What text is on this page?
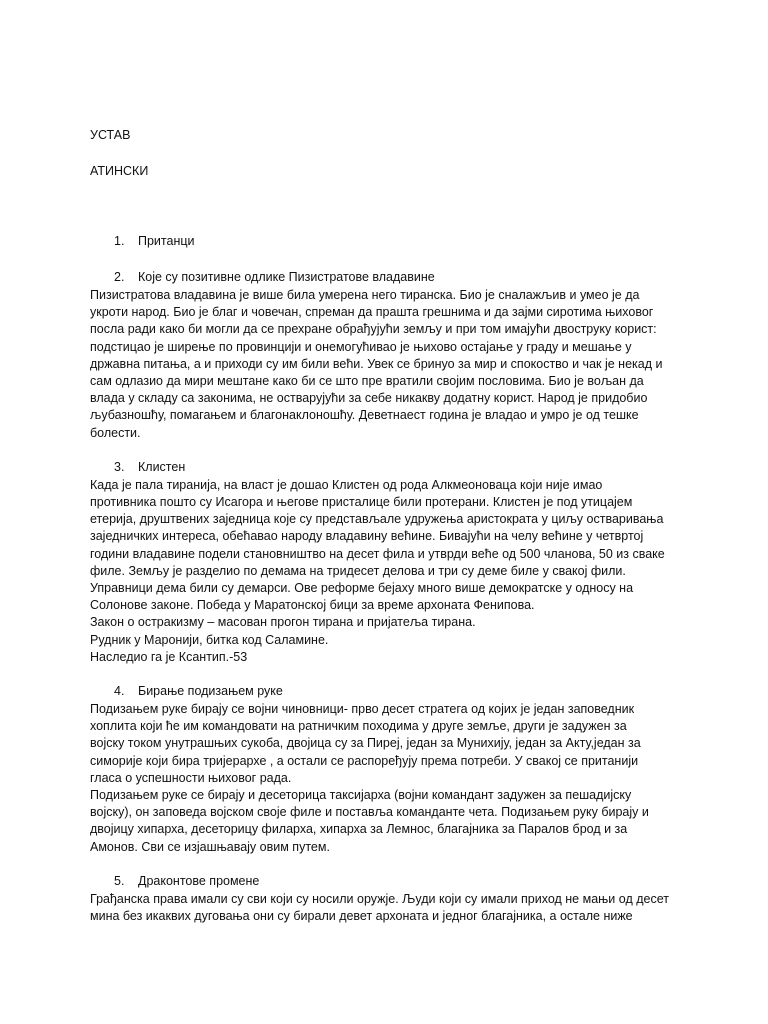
УСТАВ

АТИНСКИ

1.	Пританци
2.	Које су позитивне одлике Пизистратове владавине

Пизистратова владавина је више била умерена него тиранска. Био је сналажљив и умео је да
укроти народ. Био је благ и човечан, спреман да прашта грешнима и да зајми сиротима њиховог
посла ради како би могли да се прехране обрађујући земљу и при том имајући двоструку корист:
подстицао је ширење по провинцији и онемогућивао је њихово остајање у граду и мешање у
државна питања, а и приходи су им били већи. Увек се бринуо за мир и спокоство и чак је некад и
сам одлазио да мири мештане како би се што пре вратили својим пословима. Био је вољан да
влада у складу са законима, не остварујући за себе никакву додатну корист. Народ је придобио
љубазношћу, помагањем и благонаклоношћу. Деветнаест година је владао и умро је од тешке
болести.

3.	Клистен

Када је пала тиранија, на власт је дошао Клистен од рода Алкмеоноваца који није имао
противника пошто су Исагора и његове присталице били протерани. Клистен је под утицајем
етерија, друштвених заједница које су представљале удружења аристократа у циљу остваривања
заједничких интереса, обећавао народу владавину већине. Бивајући на челу већине у четвртој
години владавине подели становништво на десет фила и утврди веће од 500 чланова, 50 из сваке
филе. Земљу је разделио по демама на тридесет делова и три су деме биле у свакој фили.
Управници дема били су демарси. Ове реформе бејаху много више демократске у односу на
Солонове законе. Победа у Маратонској бици за време архоната Фенипова.
Закон о остракизму – масован прогон тирана и пријатеља тирана.
Рудник у Маронији, битка код Саламине.
Наследио га је Ксантип.-53

4.	Бирање подизањем руке

Подизањем руке бирају се војни чиновници- прво десет стратега од којих је један заповедник
хоплита који ће им командовати на ратничким походима у друге земље, други је задужен за
војску током унутрашњих сукоба, двојица су за Пиреј, један за Мунихију, један за Акту,један за
симорије који бира тријерархе , а остали се распоређују према потреби. У свакој се пританији
гласа о успешности њиховог рада.
Подизањем руке се бирају и десеторица таксијарха (војни командант задужен за пешадијску
војску), он заповеда војском своје филе и поставља команданте чета. Подизањем руку бирају и
двојицу хипарха, десеторицу филарха, хипарха за Лемнос, благајника за Паралов брод и за
Амонов. Сви се изјашњавају овим путем.

5.	Драконтове промене

Грађанска права имали су сви који су носили оружје. Људи који су имали приход не мањи од десет
мина без икаквих дуговања они су бирали девет архоната и једног благајника, а остале ниже
